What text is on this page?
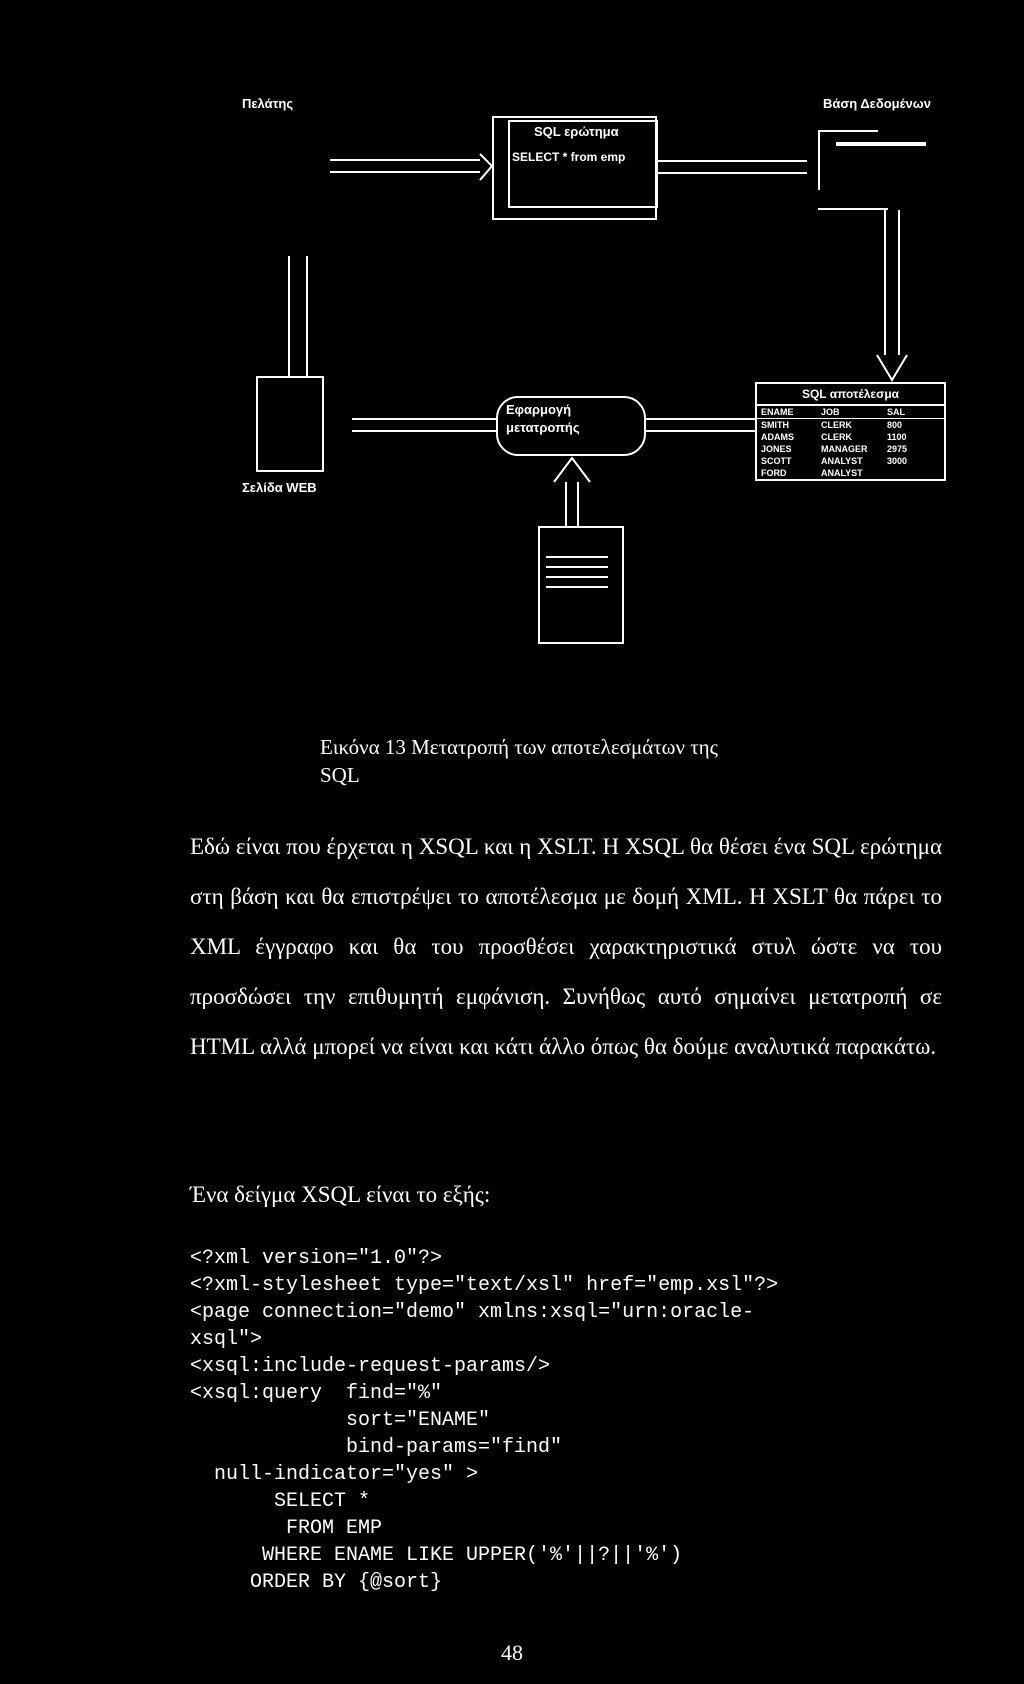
Πελάτης	Βάση Δεδομένων
SQL ερώτημα
SELECT * from emp
Σελίδα WEB
Εφαρμογή
μετατροπής
SQL αποτέλεσμα
ENAME	JOB	SAL
SMITH	CLERK	800
ADAMS	CLERK	1100
JONES	MANAGER	2975
SCOTT	ANALYST	3000
FORD	ANALYST
Εικόνα 13 Μετατροπή των αποτελεσμάτων της
SQL
Εδώ είναι που έρχεται η XSQL και η XSLT. Η XSQL θα θέσει ένα SQL ερώτημα στη βάση και θα επιστρέψει το αποτέλεσμα με δομή XML. Η XSLT θα πάρει το XML έγγραφο και θα του προσθέσει χαρακτηριστικά στυλ ώστε να του προσδώσει την επιθυμητή εμφάνιση. Συνήθως αυτό σημαίνει μετατροπή σε HTML αλλά μπορεί να είναι και κάτι άλλο όπως θα δούμε αναλυτικά παρακάτω.
Ένα δείγμα XSQL είναι το εξής:
<?xml version="1.0"?>
<?xml-stylesheet type="text/xsl" href="emp.xsl"?>
<page connection="demo" xmlns:xsql="urn:oracle-
xsql">
<xsql:include-request-params/>
<xsql:query  find="%"
sort="ENAME"
bind-params="find"
null-indicator="yes" >
SELECT *
FROM EMP
WHERE ENAME LIKE UPPER('%'||?||'%')
ORDER BY {@sort}
48
